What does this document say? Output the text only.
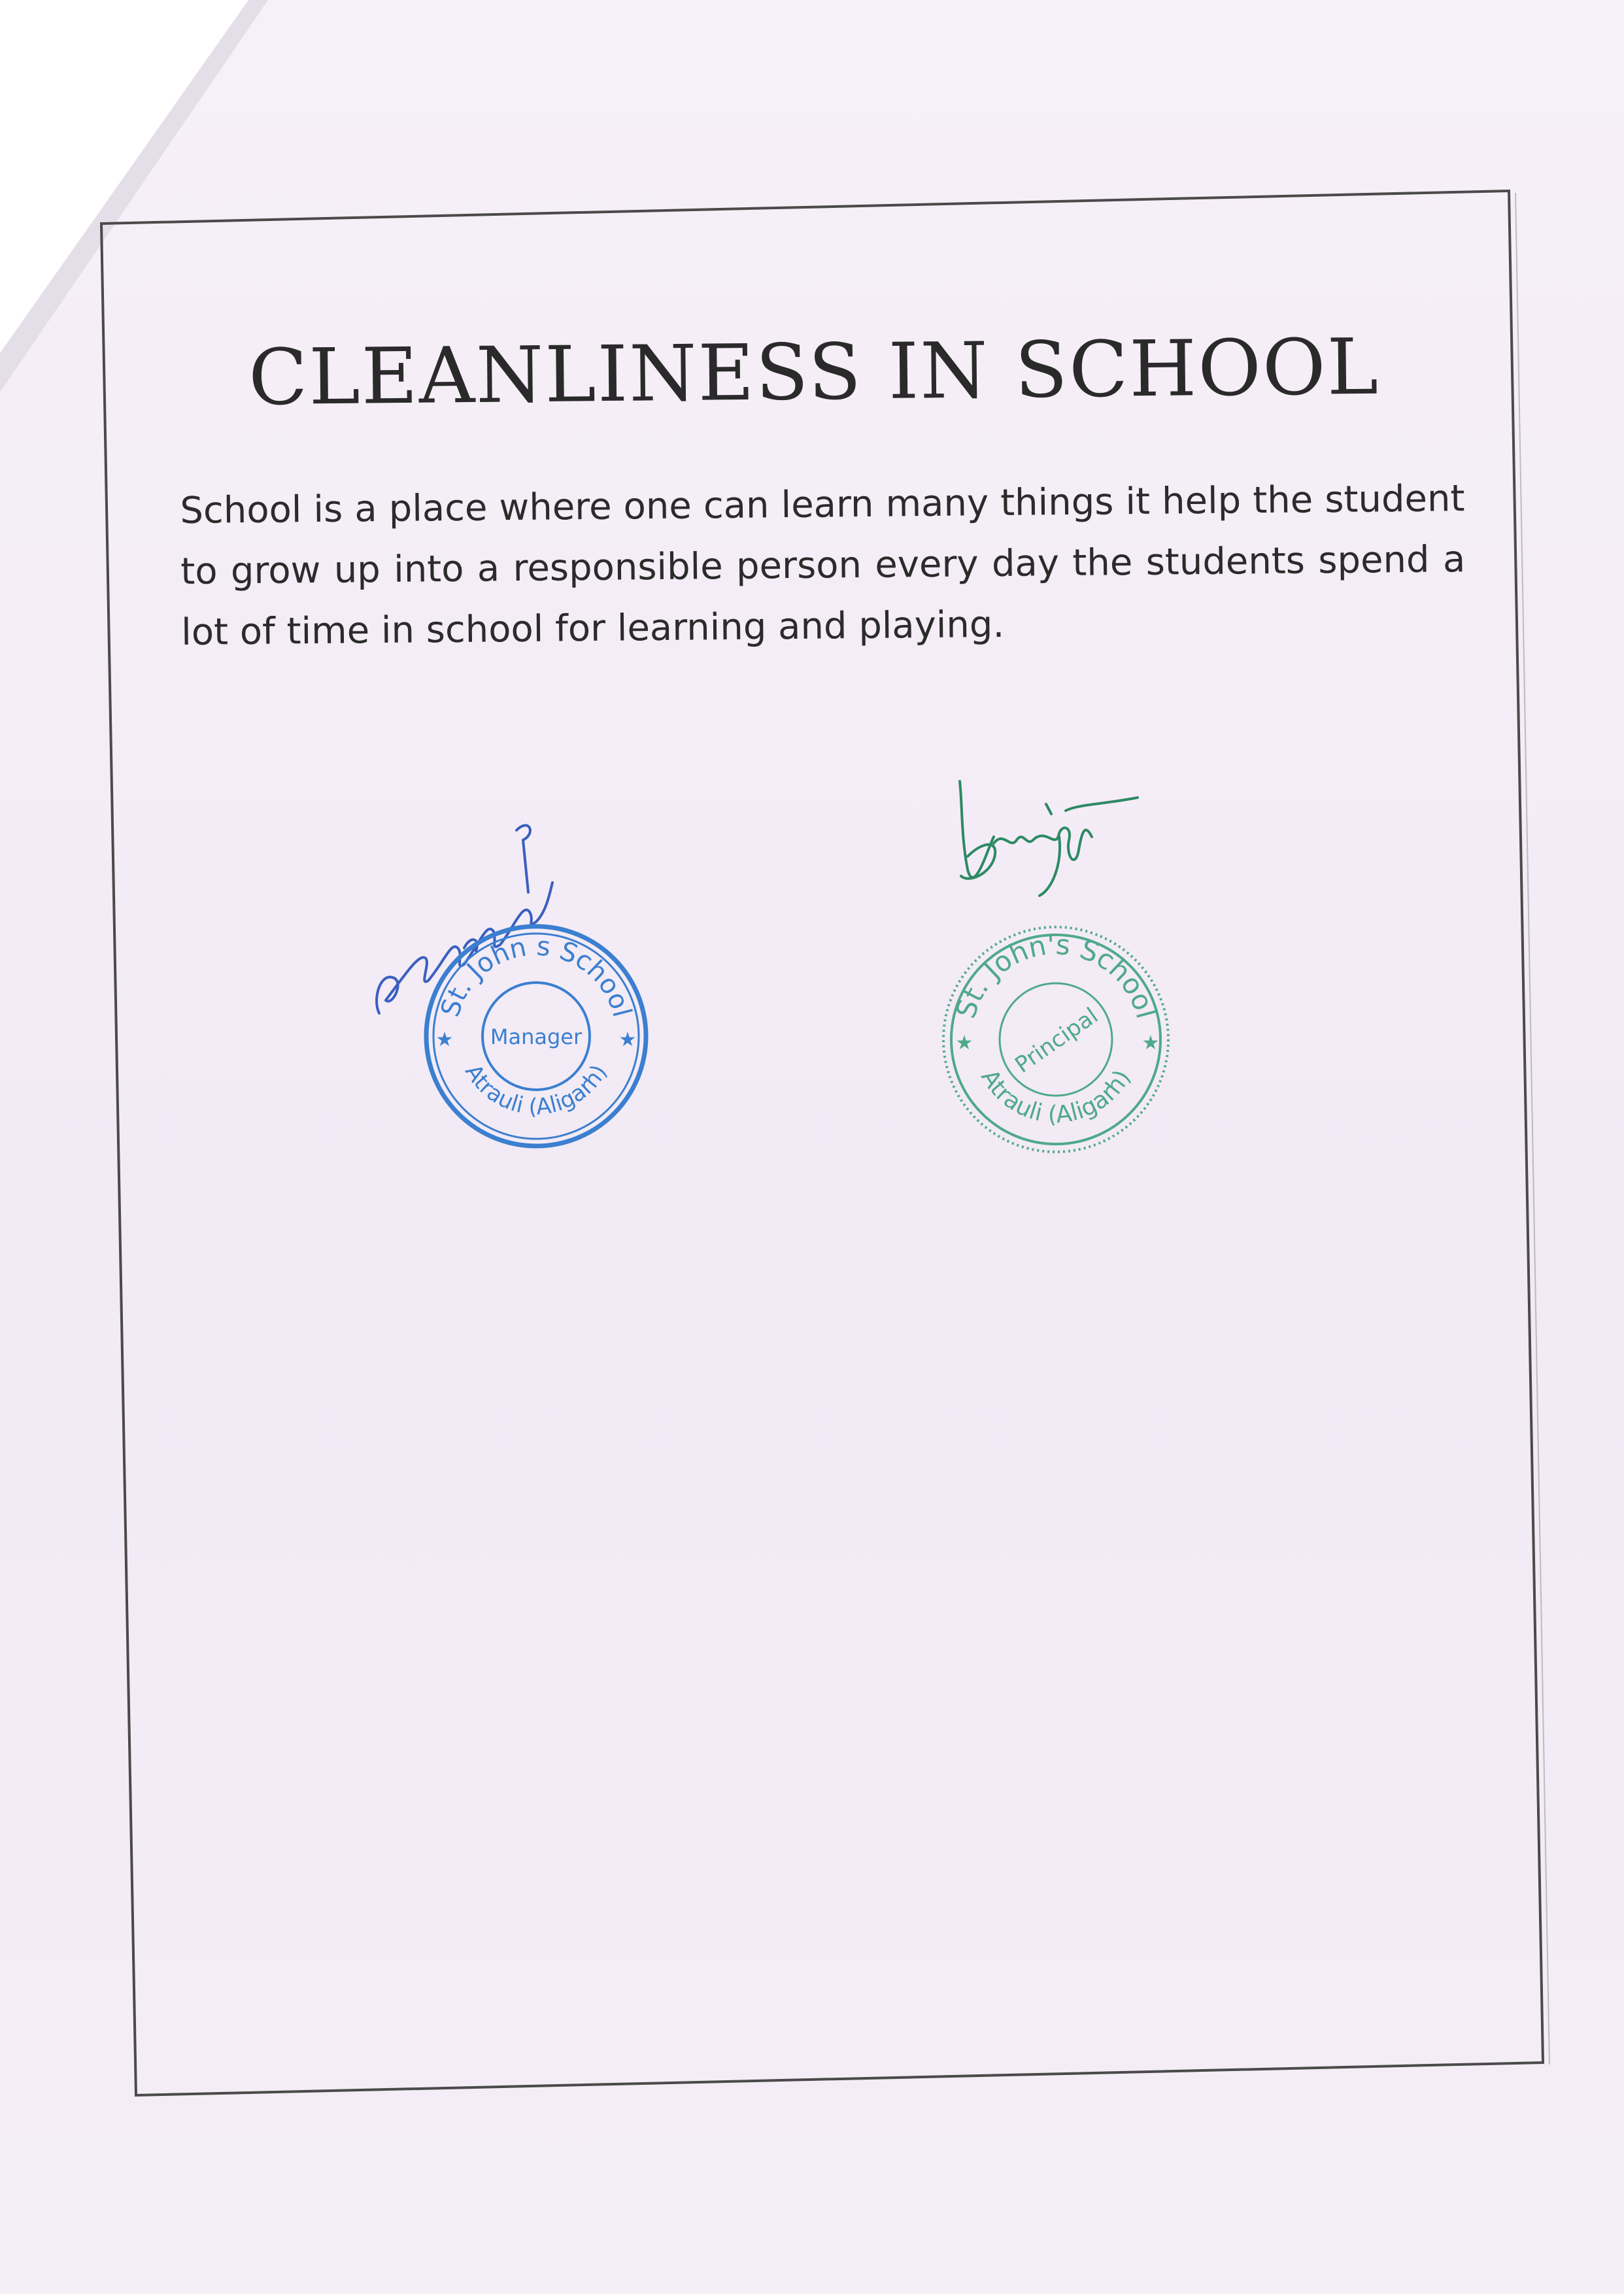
CLEANLINESS IN SCHOOL

School is a place where one can learn many things it help the student to grow up into a responsible person every day the students spend a lot of time in school for learning and playing.

St. John s School
Atrauli (Aligarh)
Manager
★	★
St. John's School
Atrauli (Aligarh)
Principal ★
★
